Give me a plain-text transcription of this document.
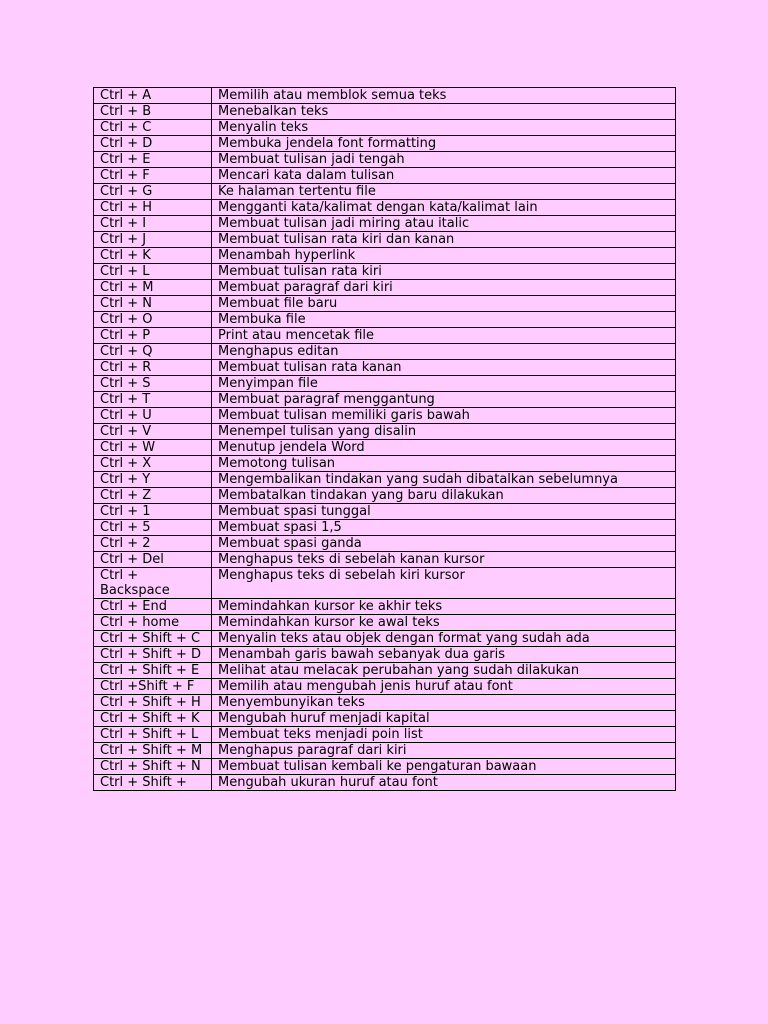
Ctrl + A	Memilih atau memblok semua teks
Ctrl + B	Menebalkan teks
Ctrl + C	Menyalin teks
Ctrl + D	Membuka jendela font formatting
Ctrl + E	Membuat tulisan jadi tengah
Ctrl + F	Mencari kata dalam tulisan
Ctrl + G	Ke halaman tertentu file
Ctrl + H	Mengganti kata/kalimat dengan kata/kalimat lain
Ctrl + I	Membuat tulisan jadi miring atau italic
Ctrl + J	Membuat tulisan rata kiri dan kanan
Ctrl + K	Menambah hyperlink
Ctrl + L	Membuat tulisan rata kiri
Ctrl + M	Membuat paragraf dari kiri
Ctrl + N	Membuat file baru
Ctrl + O	Membuka file
Ctrl + P	Print atau mencetak file
Ctrl + Q	Menghapus editan
Ctrl + R	Membuat tulisan rata kanan
Ctrl + S	Menyimpan file
Ctrl + T	Membuat paragraf menggantung
Ctrl + U	Membuat tulisan memiliki garis bawah
Ctrl + V	Menempel tulisan yang disalin
Ctrl + W	Menutup jendela Word
Ctrl + X	Memotong tulisan
Ctrl + Y	Mengembalikan tindakan yang sudah dibatalkan sebelumnya
Ctrl + Z	Membatalkan tindakan yang baru dilakukan
Ctrl + 1	Membuat spasi tunggal
Ctrl + 5	Membuat spasi 1,5
Ctrl + 2	Membuat spasi ganda
Ctrl + Del	Menghapus teks di sebelah kanan kursor
Ctrl + Backspace	Menghapus teks di sebelah kiri kursor
Ctrl + End	Memindahkan kursor ke akhir teks
Ctrl + home	Memindahkan kursor ke awal teks
Ctrl + Shift + C	Menyalin teks atau objek dengan format yang sudah ada
Ctrl + Shift + D	Menambah garis bawah sebanyak dua garis
Ctrl + Shift + E	Melihat atau melacak perubahan yang sudah dilakukan
Ctrl +Shift + F	Memilih atau mengubah jenis huruf atau font
Ctrl + Shift + H	Menyembunyikan teks
Ctrl + Shift + K	Mengubah huruf menjadi kapital
Ctrl + Shift + L	Membuat teks menjadi poin list
Ctrl + Shift + M	Menghapus paragraf dari kiri
Ctrl + Shift + N	Membuat tulisan kembali ke pengaturan bawaan
Ctrl + Shift +	Mengubah ukuran huruf atau font
